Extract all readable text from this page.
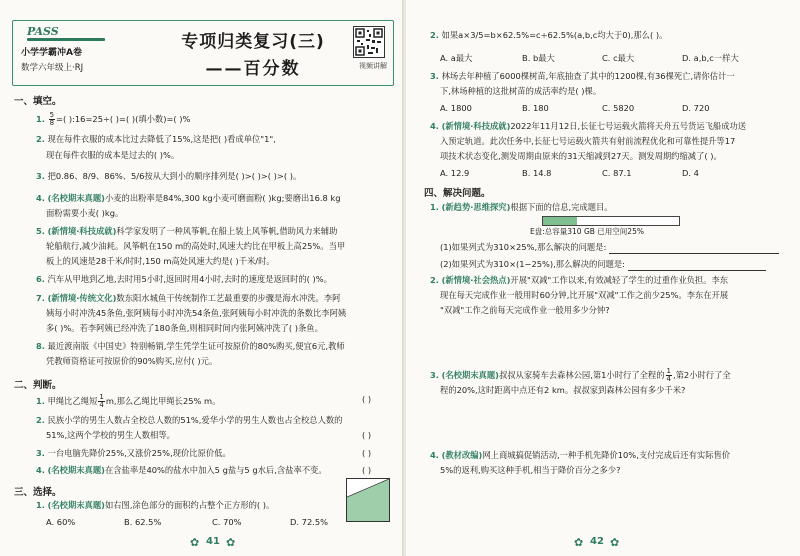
PASS
小学学霸冲A卷
数学六年级上·RJ
专项归类复习(三)
——百分数	视频讲解
一、填空。
1. $\frac{5}{8}$ =( ):16=25÷( )=( )(填小数)=( )%
2. 现在每件衣服的成本比过去降低了15%,这是把( )看成单位"1",
现在每件衣服的成本是过去的( )%。
3. 把0.86、8/9、86%、5/6按从大到小的顺序排列是( )>( )>( )>( )。
4. (名校期末真题)小麦的出粉率是84%,300 kg小麦可磨面粉( )kg;要磨出16.8 kg
面粉需要小麦( )kg。
5. (新情境·科技成就)科学家发明了一种风筝帆,在船上装上风筝帆,借助风力来辅助
轮船航行,减少油耗。风筝帆在150 m的高处时,风速大约比在甲板上高25%。当甲
板上的风速是28千米/时时,150 m高处风速大约是( )千米/时。
6. 汽车从甲地到乙地,去时用5小时,返回时用4小时,去时的速度是返回时的( )%。
7. (新情境·传统文化)数东阳水城鱼干传统制作工艺最重要的步骤是海水冲洗。李阿
姨每小时冲洗45条鱼,张阿姨每小时冲洗54条鱼,张阿姨每小时冲洗的条数比李阿姨
多( )%。若李阿姨已经冲洗了180条鱼,则相同时间内张阿姨冲洗了( )条鱼。
8. 最近渡南版《中国史》特别畅销,学生凭学生证可按原价的80%购买,便宜6元,教师
凭教师资格证可按原价的90%购买,应付( )元。
二、判断。
1. 甲绳比乙绳短 $\frac{1}{4} m$,那么乙绳比甲绳长25% m。	( )
2. 民族小学的男生人数占全校总人数的51%,爱华小学的男生人数也占全校总人数的
51%,这两个学校的男生人数相等。	( )
3. 一台电脑先降价25%,又涨价25%,现价比原价低。	( )
4. (名校期末真题)在含盐率是40%的盐水中加入5 g盐与5 g水后,含盐率不变。	( )
三、选择。
1. (名校期末真题)如右图,涂色部分的面积约占整个正方形的( )。
A. 60%	B. 62.5%	C. 70%	D. 72.5%
✿ 41 ✿
2. 如果a×3/5=b×62.5%=c÷62.5%(a,b,c均大于0),那么( )。
A. a最大	B. b最大	C. c最大	D. a,b,c一样大
3. 林场去年种植了6000棵树苗,年底抽查了其中的1200棵,有36棵死亡,请你估计一
下,林场种植的这批树苗的成活率约是( )棵。
A. 1800	B. 180	C. 5820	D. 720
4. (新情境·科技成就)2022年11月12日,长征七号运载火箭将天舟五号货运飞船成功送
入预定轨道。此次任务中,长征七号运载火箭共有射前流程优化和可靠性提升等17
项技术状态变化,测发周期由原来的31天缩减到27天。测发周期约缩减了( )。
A. 12.9	B. 14.8	C. 87.1	D. 4
四、解决问题。
1. (新趋势·思维探究)根据下面的信息,完成题目。
E盘:总容量310 GB 已用空间25%
(1)如果列式为310×25%,那么解决的问题是:
(2)如果列式为310×(1−25%),那么解决的问题是:
2. (新情境·社会热点)开展"双减"工作以来,有效减轻了学生的过重作业负担。李东
现在每天完成作业一般用时60分钟,比开展"双减"工作之前少25%。李东在开展
"双减"工作之前每天完成作业一般用多少分钟?
3. (名校期末真题)叔叔从家骑车去森林公园,第1小时行了全程的 $\frac{1}{4}$ ,第2小时行了全
程的20%,这时距离中点还有2 km。叔叔家到森林公园有多少千米?
4. (教材改编)网上商城搞促销活动,一种手机先降价10%,支付完成后还有实际售价
5%的返利,购买这种手机,相当于降价百分之多少?
✿ 42 ✿
